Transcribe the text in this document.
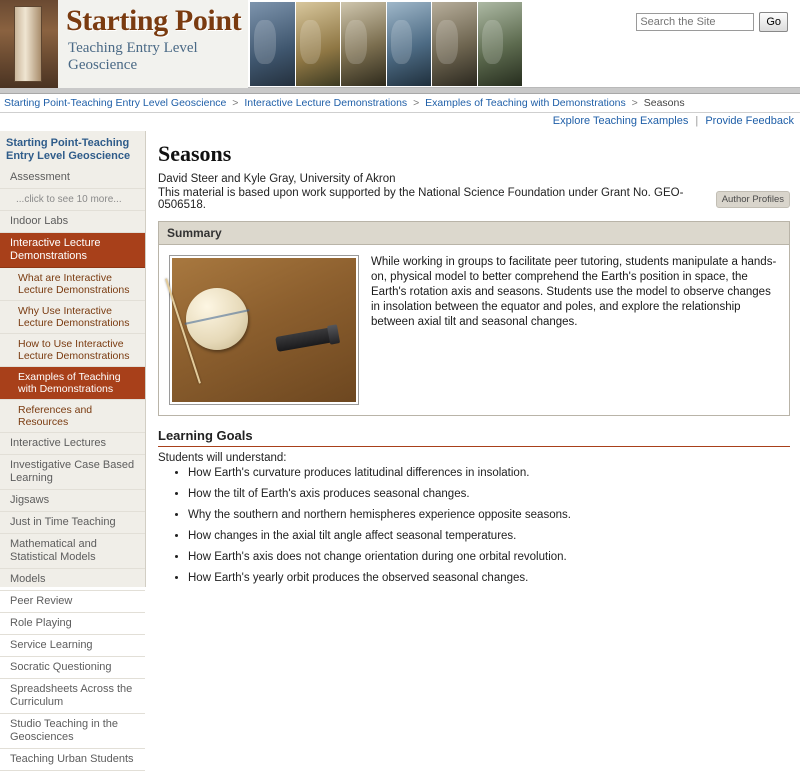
Starting Point
Teaching Entry Level
Geoscience
Search the Site
Go
Starting Point-Teaching Entry Level Geoscience > Interactive Lecture Demonstrations > Examples of Teaching with Demonstrations > Seasons
Explore Teaching Examples | Provide Feedback
Starting Point-Teaching Entry Level Geoscience
Assessment
...click to see 10 more...
Indoor Labs
Interactive Lecture Demonstrations
What are Interactive Lecture Demonstrations
Why Use Interactive Lecture Demonstrations
How to Use Interactive Lecture Demonstrations
Examples of Teaching with Demonstrations
References and Resources
Interactive Lectures
Investigative Case Based Learning
Jigsaws
Just in Time Teaching
Mathematical and Statistical Models
Models
Peer Review
Role Playing
Service Learning
Socratic Questioning
Spreadsheets Across the Curriculum
Studio Teaching in the Geosciences
Teaching Urban Students
Seasons
David Steer and Kyle Gray, University of Akron
This material is based upon work supported by the National Science Foundation under Grant No. GEO-0506518.	Author Profiles
Summary
While working in groups to facilitate peer tutoring, students manipulate a hands-on, physical model to better comprehend the Earth's position in space, the Earth's rotation axis and seasons. Students use the model to observe changes in insolation between the equator and poles, and explore the relationship between axial tilt and seasonal changes.
Learning Goals
Students will understand:
• How Earth's curvature produces latitudinal differences in insolation.
• How the tilt of Earth's axis produces seasonal changes.
• Why the southern and northern hemispheres experience opposite seasons.
• How changes in the axial tilt angle affect seasonal temperatures.
• How Earth's axis does not change orientation during one orbital revolution.
• How Earth's yearly orbit produces the observed seasonal changes.
